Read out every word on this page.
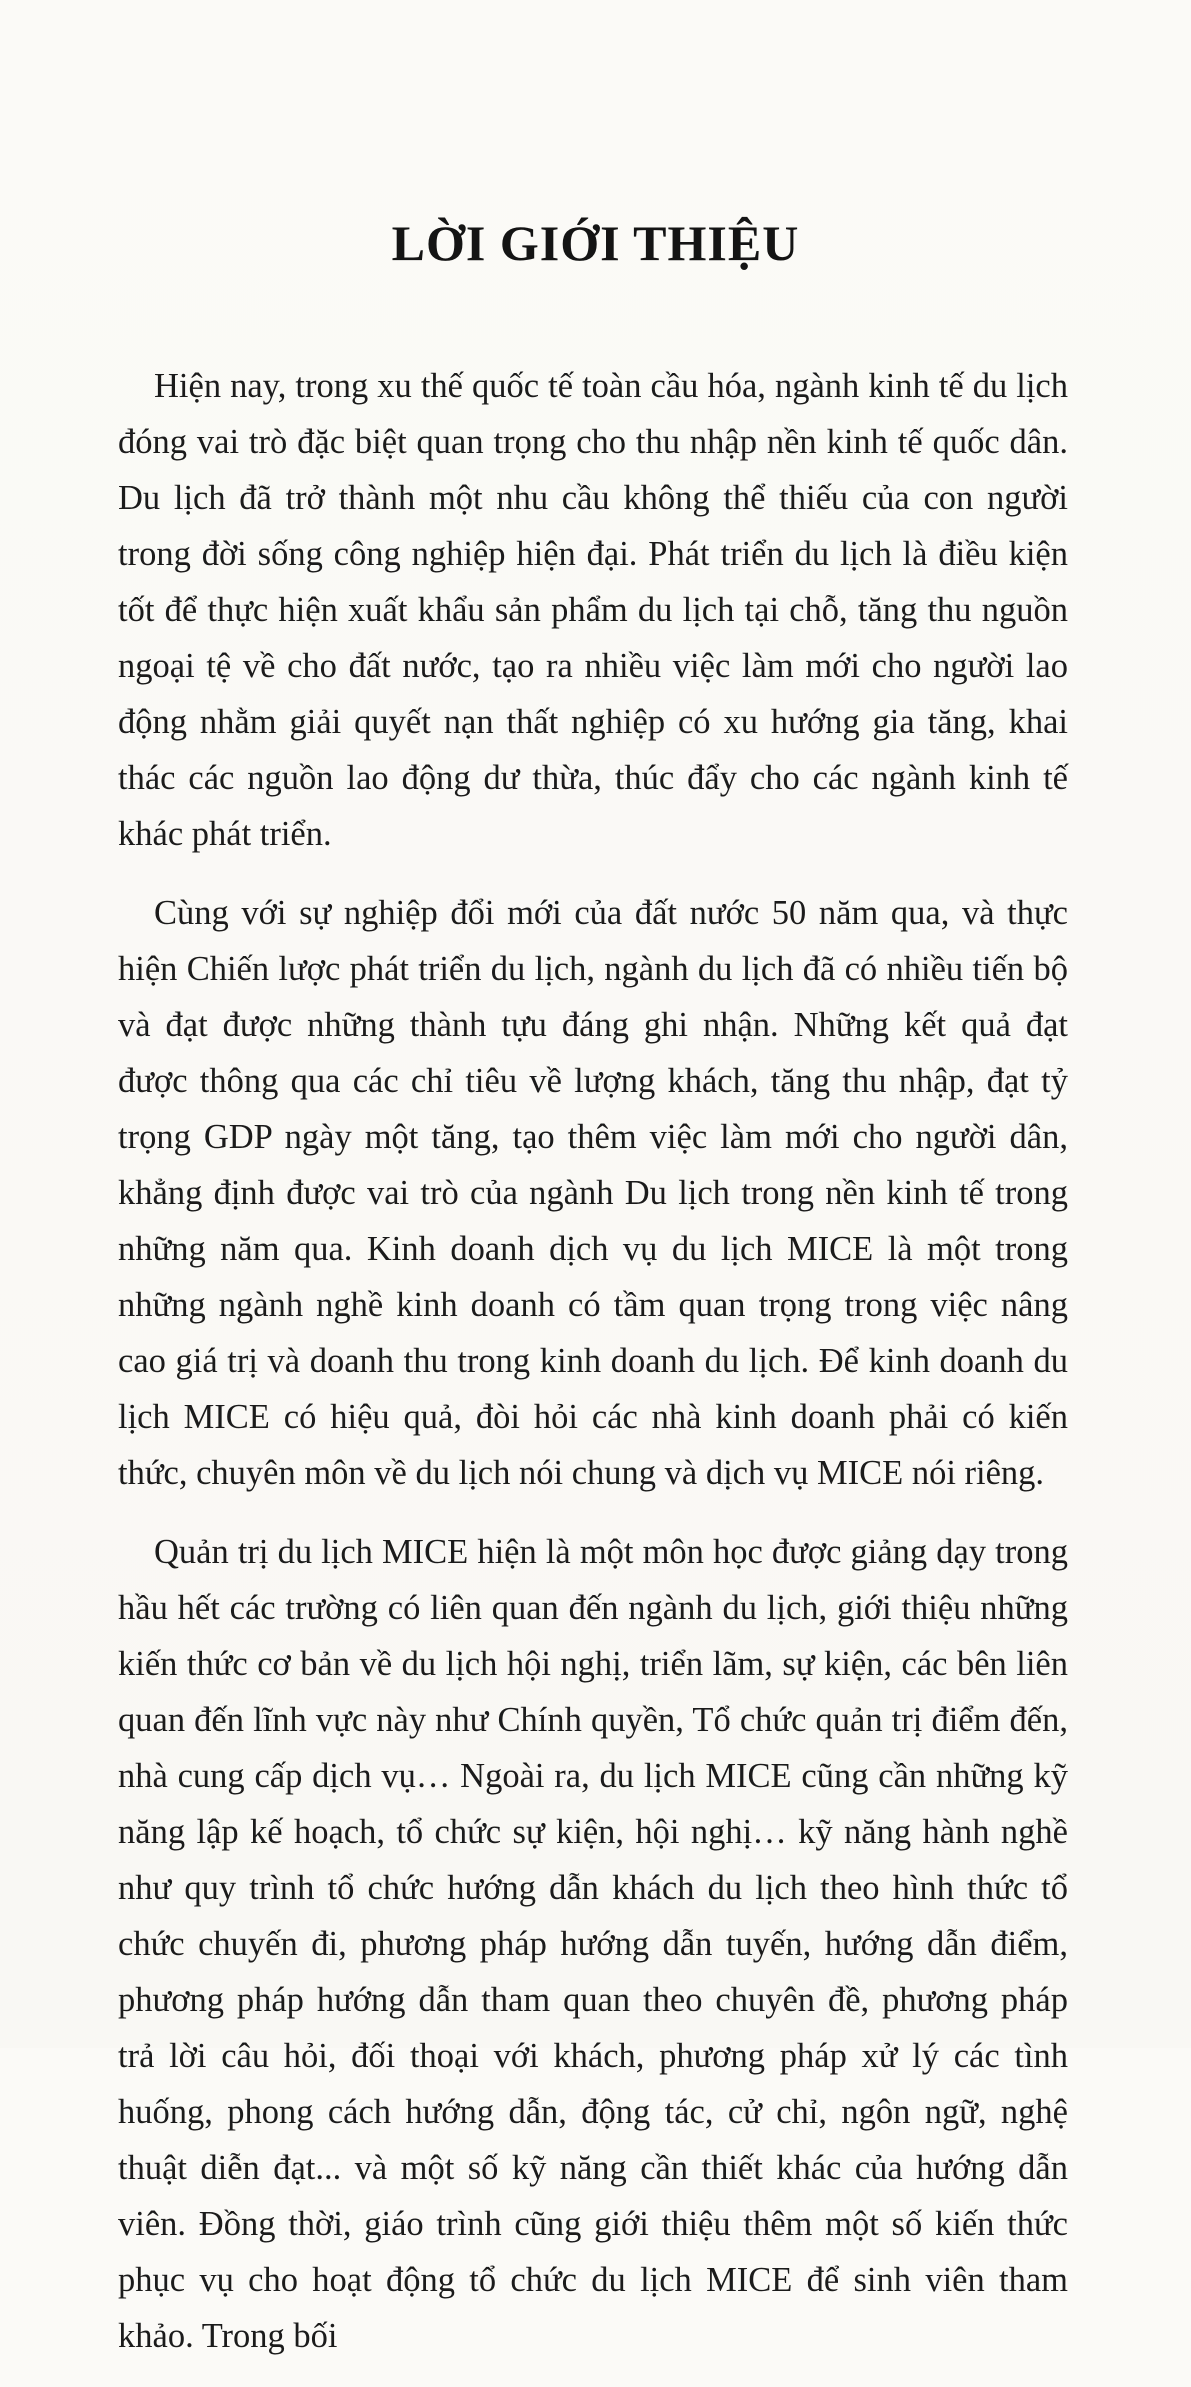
LỜI GIỚI THIỆU

Hiện nay, trong xu thế quốc tế toàn cầu hóa, ngành kinh tế du lịch đóng vai trò đặc biệt quan trọng cho thu nhập nền kinh tế quốc dân. Du lịch đã trở thành một nhu cầu không thể thiếu của con người trong đời sống công nghiệp hiện đại. Phát triển du lịch là điều kiện tốt để thực hiện xuất khẩu sản phẩm du lịch tại chỗ, tăng thu nguồn ngoại tệ về cho đất nước, tạo ra nhiều việc làm mới cho người lao động nhằm giải quyết nạn thất nghiệp có xu hướng gia tăng, khai thác các nguồn lao động dư thừa, thúc đẩy cho các ngành kinh tế khác phát triển.

Cùng với sự nghiệp đổi mới của đất nước 50 năm qua, và thực hiện Chiến lược phát triển du lịch, ngành du lịch đã có nhiều tiến bộ và đạt được những thành tựu đáng ghi nhận. Những kết quả đạt được thông qua các chỉ tiêu về lượng khách, tăng thu nhập, đạt tỷ trọng GDP ngày một tăng, tạo thêm việc làm mới cho người dân, khẳng định được vai trò của ngành Du lịch trong nền kinh tế trong những năm qua. Kinh doanh dịch vụ du lịch MICE là một trong những ngành nghề kinh doanh có tầm quan trọng trong việc nâng cao giá trị và doanh thu trong kinh doanh du lịch. Để kinh doanh du lịch MICE có hiệu quả, đòi hỏi các nhà kinh doanh phải có kiến thức, chuyên môn về du lịch nói chung và dịch vụ MICE nói riêng.

Quản trị du lịch MICE hiện là một môn học được giảng dạy trong hầu hết các trường có liên quan đến ngành du lịch, giới thiệu những kiến thức cơ bản về du lịch hội nghị, triển lãm, sự kiện, các bên liên quan đến lĩnh vực này như Chính quyền, Tổ chức quản trị điểm đến, nhà cung cấp dịch vụ… Ngoài ra, du lịch MICE cũng cần những kỹ năng lập kế hoạch, tổ chức sự kiện, hội nghị… kỹ năng hành nghề như quy trình tổ chức hướng dẫn khách du lịch theo hình thức tổ chức chuyến đi, phương pháp hướng dẫn tuyến, hướng dẫn điểm, phương pháp hướng dẫn tham quan theo chuyên đề, phương pháp trả lời câu hỏi, đối thoại với khách, phương pháp xử lý các tình huống, phong cách hướng dẫn, động tác, cử chỉ, ngôn ngữ, nghệ thuật diễn đạt... và một số kỹ năng cần thiết khác của hướng dẫn viên. Đồng thời, giáo trình cũng giới thiệu thêm một số kiến thức phục vụ cho hoạt động tổ chức du lịch MICE để sinh viên tham khảo. Trong bối
